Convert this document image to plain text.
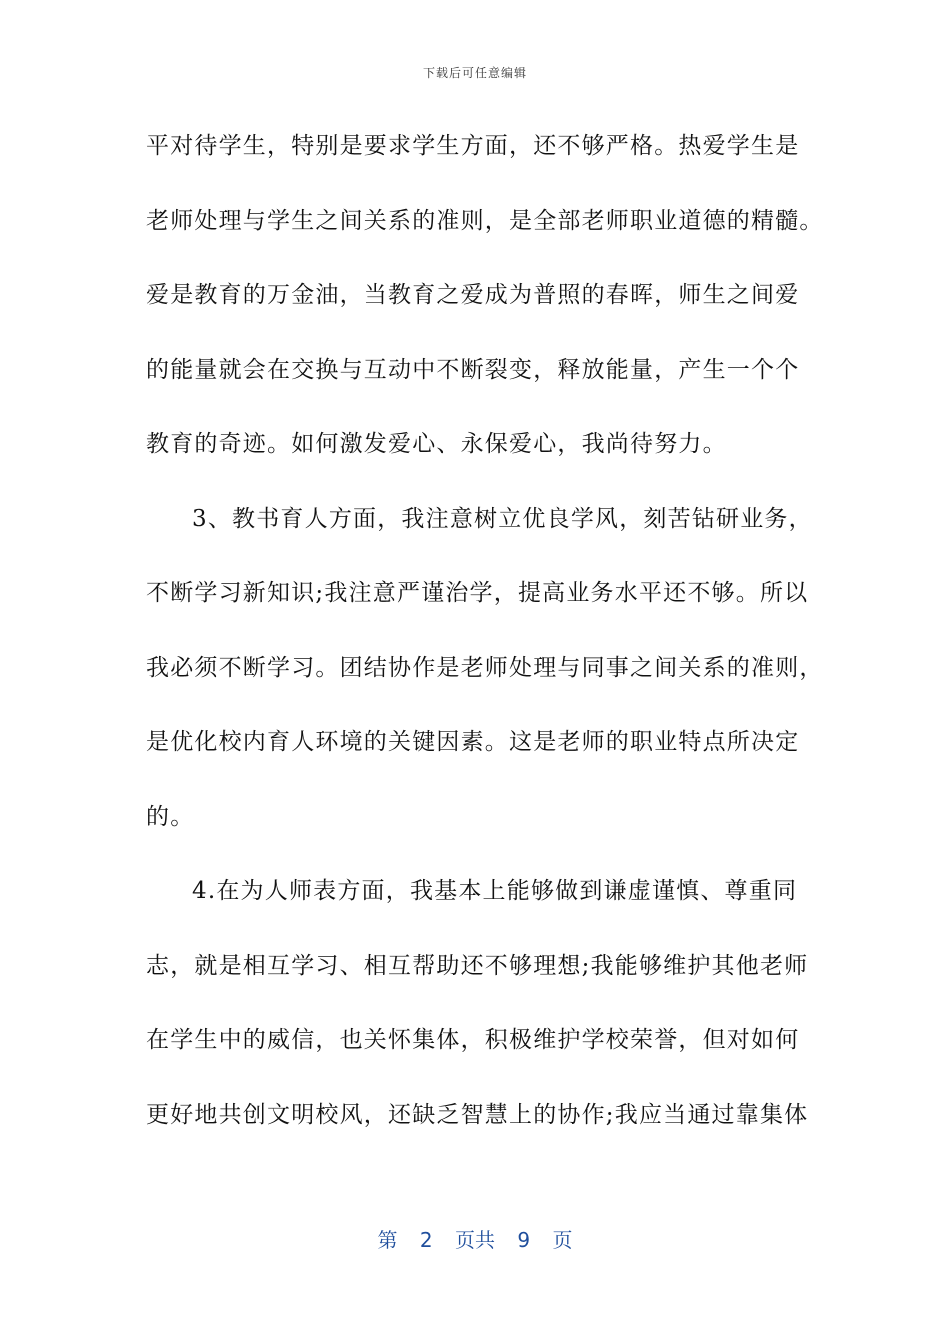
下载后可任意编辑
平对待学生，特别是要求学生方面，还不够严格。热爱学生是
老师处理与学生之间关系的准则，是全部老师职业道德的精髓。
爱是教育的万金油，当教育之爱成为普照的春晖，师生之间爱
的能量就会在交换与互动中不断裂变，释放能量，产生一个个
教育的奇迹。如何激发爱心、永保爱心，我尚待努力。
3、教书育人方面，我注意树立优良学风，刻苦钻研业务，
不断学习新知识;我注意严谨治学，提高业务水平还不够。所以
我必须不断学习。团结协作是老师处理与同事之间关系的准则，
是优化校内育人环境的关键因素。这是老师的职业特点所决定
的。
4.在为人师表方面，我基本上能够做到谦虚谨慎、尊重同
志，就是相互学习、相互帮助还不够理想;我能够维护其他老师
在学生中的威信，也关怀集体，积极维护学校荣誉，但对如何
更好地共创文明校风，还缺乏智慧上的协作;我应当通过靠集体
第 2 页共 9 页
